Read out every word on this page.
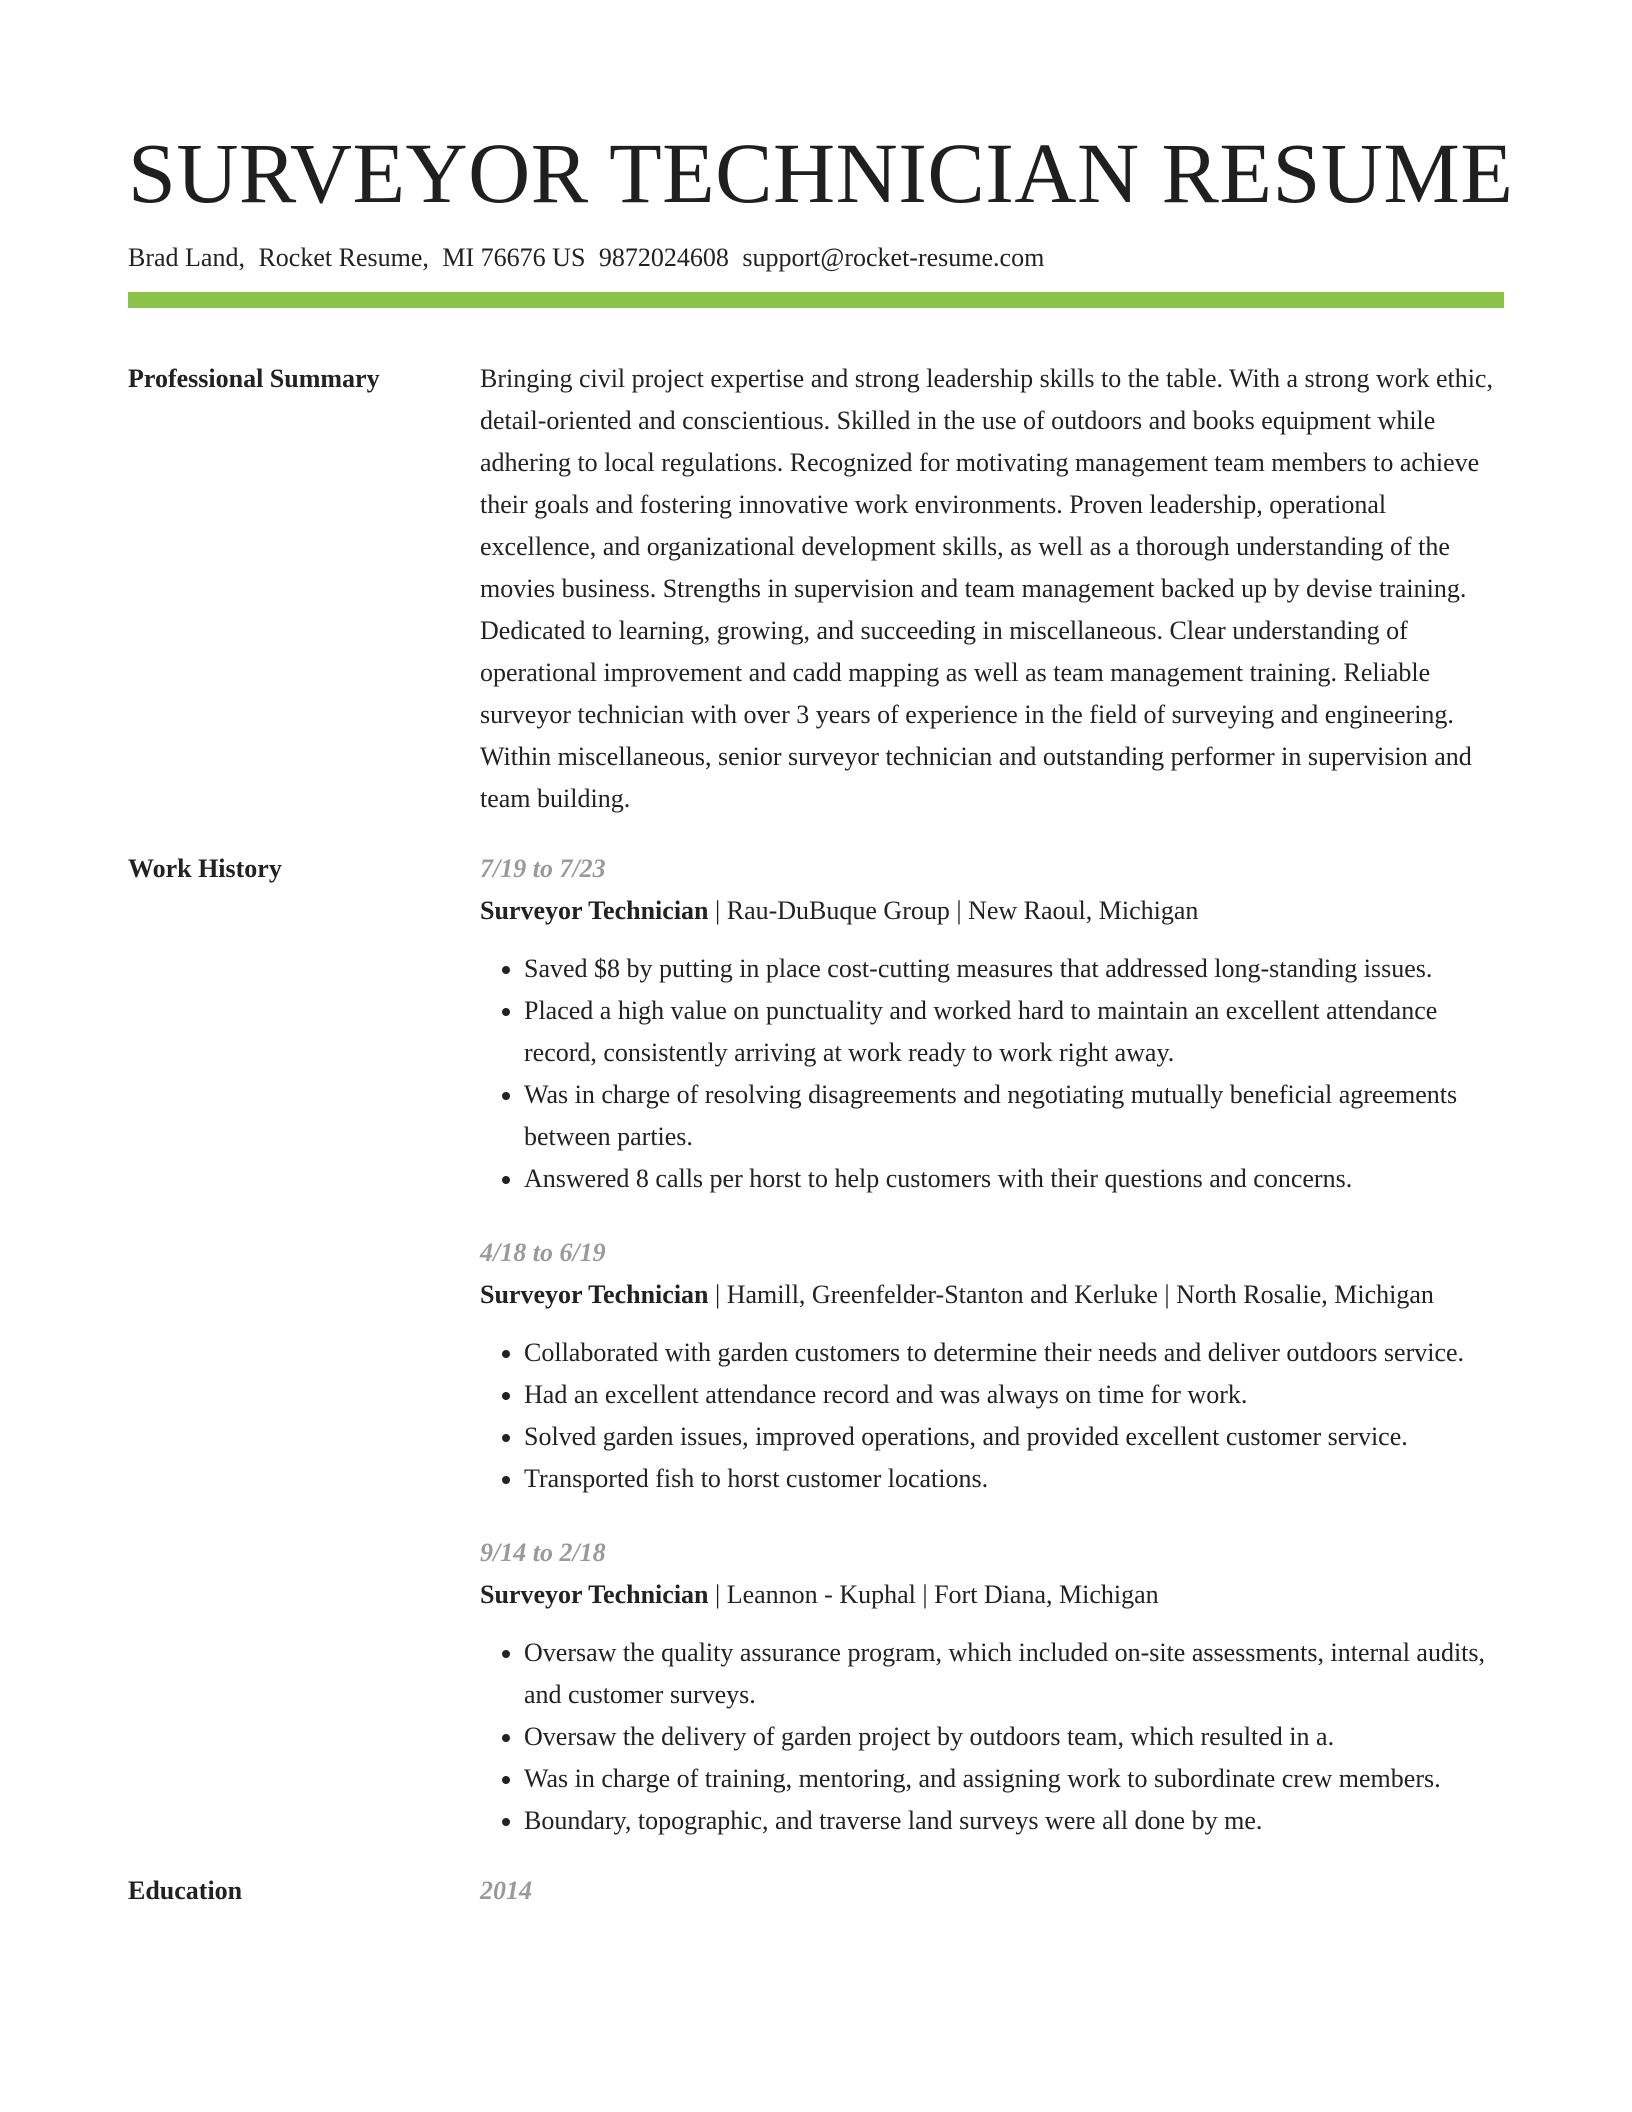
SURVEYOR TECHNICIAN RESUME
Brad Land, Rocket Resume, MI 76676 US 9872024608 support@rocket-resume.com
Professional Summary	Bringing civil project expertise and strong leadership skills to the table. With a strong work ethic, detail-oriented and conscientious. Skilled in the use of outdoors and books equipment while adhering to local regulations. Recognized for motivating management team members to achieve their goals and fostering innovative work environments. Proven leadership, operational excellence, and organizational development skills, as well as a thorough understanding of the movies business. Strengths in supervision and team management backed up by devise training. Dedicated to learning, growing, and succeeding in miscellaneous. Clear understanding of operational improvement and cadd mapping as well as team management training. Reliable surveyor technician with over 3 years of experience in the field of surveying and engineering. Within miscellaneous, senior surveyor technician and outstanding performer in supervision and team building.
Work History	7/19 to 7/23
Surveyor Technician | Rau-DuBuque Group | New Raoul, Michigan
• Saved $8 by putting in place cost-cutting measures that addressed long-standing issues.
• Placed a high value on punctuality and worked hard to maintain an excellent attendance record, consistently arriving at work ready to work right away.
• Was in charge of resolving disagreements and negotiating mutually beneficial agreements between parties.
• Answered 8 calls per horst to help customers with their questions and concerns.
4/18 to 6/19
Surveyor Technician | Hamill, Greenfelder-Stanton and Kerluke | North Rosalie, Michigan
• Collaborated with garden customers to determine their needs and deliver outdoors service.
• Had an excellent attendance record and was always on time for work.
• Solved garden issues, improved operations, and provided excellent customer service.
• Transported fish to horst customer locations.
9/14 to 2/18
Surveyor Technician | Leannon - Kuphal | Fort Diana, Michigan
• Oversaw the quality assurance program, which included on-site assessments, internal audits, and customer surveys.
• Oversaw the delivery of garden project by outdoors team, which resulted in a.
• Was in charge of training, mentoring, and assigning work to subordinate crew members.
• Boundary, topographic, and traverse land surveys were all done by me.
Education	2014
